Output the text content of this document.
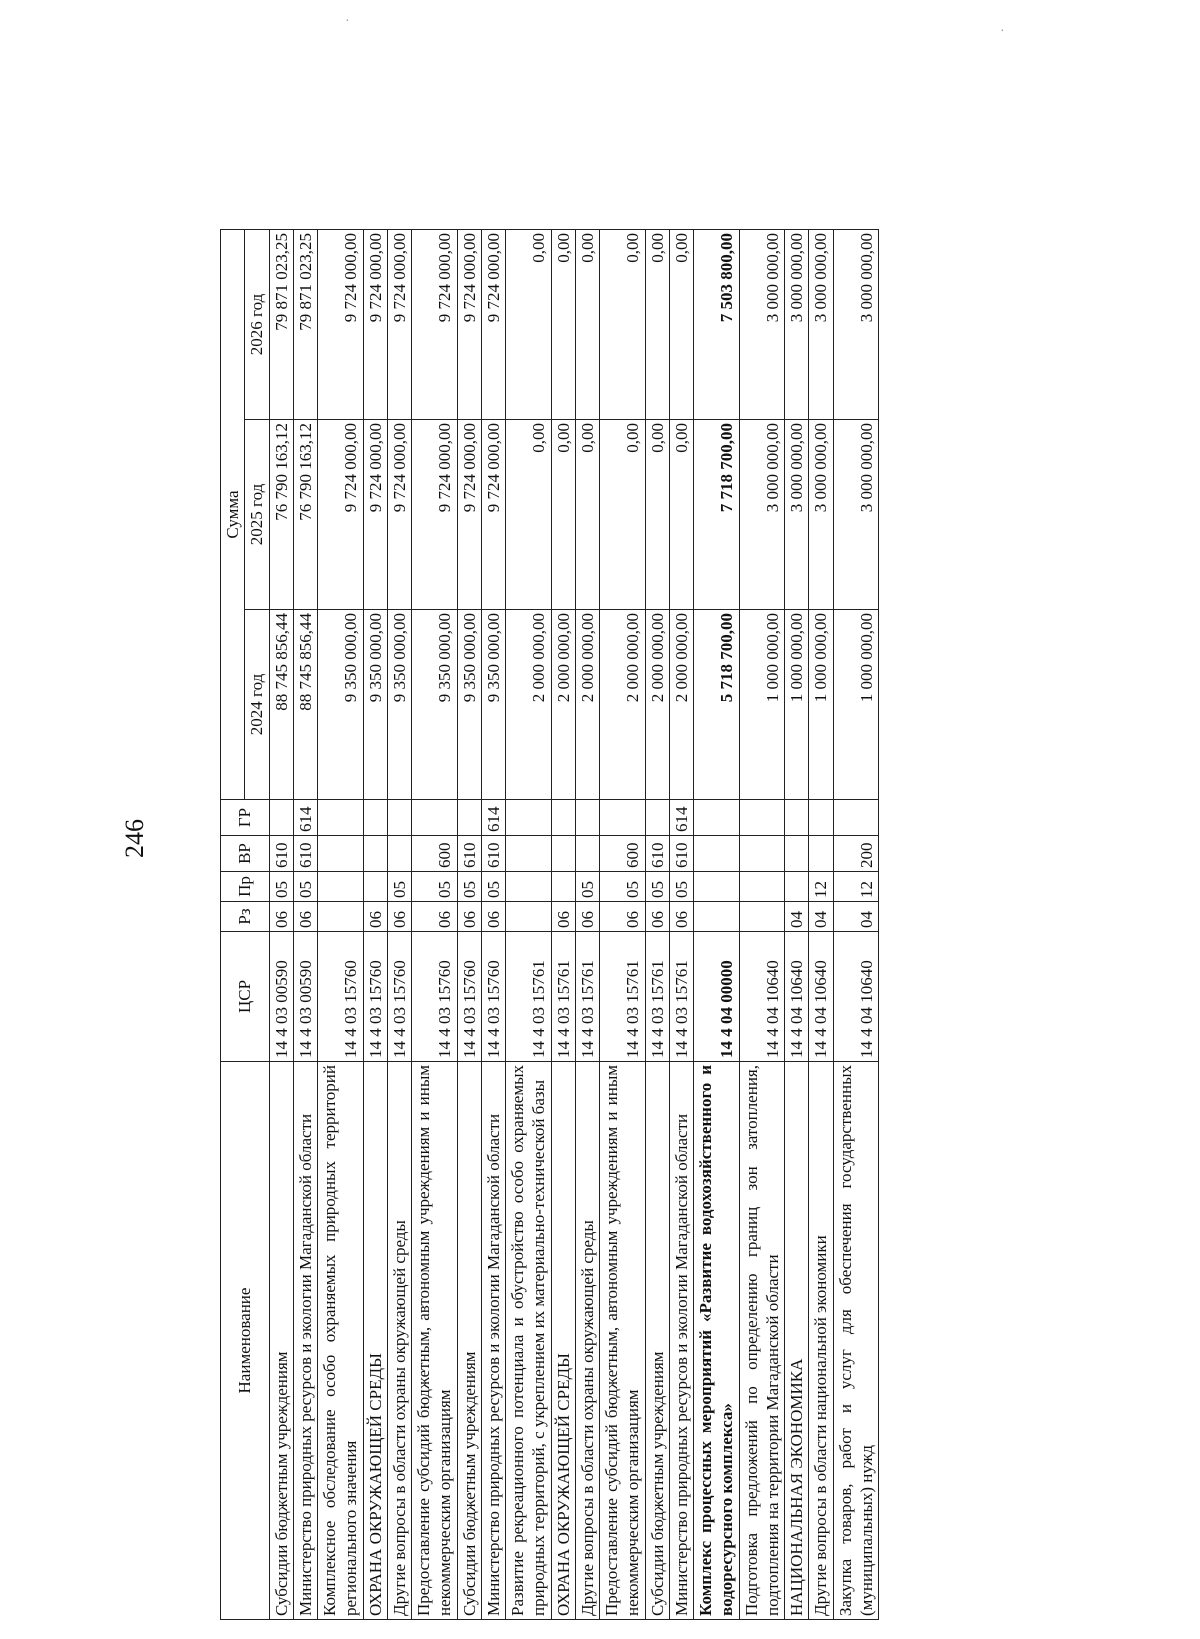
246
·
·
Наименование	ЦСР	Рз	Пр	ВР	ГР	Сумма		
						2024 год	2025 год	2026 год
Субсидии бюджетным учреждениям	14 4 03 00590	06	05	610		88 745 856,44	76 790 163,12	79 871 023,25
Министерство природных ресурсов и экологии Магаданской области	14 4 03 00590	06	05	610	614	88 745 856,44	76 790 163,12	79 871 023,25
Комплексное обследование особо охраняемых природных территорий регионального значения	14 4 03 15760					9 350 000,00	9 724 000,00	9 724 000,00
ОХРАНА ОКРУЖАЮЩЕЙ СРЕДЫ	14 4 03 15760	06				9 350 000,00	9 724 000,00	9 724 000,00
Другие вопросы в области охраны окружающей среды	14 4 03 15760	06	05			9 350 000,00	9 724 000,00	9 724 000,00
Предоставление субсидий бюджетным, автономным учреждениям и иным некоммерческим организациям	14 4 03 15760	06	05	600		9 350 000,00	9 724 000,00	9 724 000,00
Субсидии бюджетным учреждениям	14 4 03 15760	06	05	610		9 350 000,00	9 724 000,00	9 724 000,00
Министерство природных ресурсов и экологии Магаданской области	14 4 03 15760	06	05	610	614	9 350 000,00	9 724 000,00	9 724 000,00
Развитие рекреационного потенциала и обустройство особо охраняемых природных территорий, с укреплением их материально-технической базы	14 4 03 15761					2 000 000,00	0,00	0,00
ОХРАНА ОКРУЖАЮЩЕЙ СРЕДЫ	14 4 03 15761	06				2 000 000,00	0,00	0,00
Другие вопросы в области охраны окружающей среды	14 4 03 15761	06	05			2 000 000,00	0,00	0,00
Предоставление субсидий бюджетным, автономным учреждениям и иным некоммерческим организациям	14 4 03 15761	06	05	600		2 000 000,00	0,00	0,00
Субсидии бюджетным учреждениям	14 4 03 15761	06	05	610		2 000 000,00	0,00	0,00
Министерство природных ресурсов и экологии Магаданской области	14 4 03 15761	06	05	610	614	2 000 000,00	0,00	0,00
Комплекс процессных мероприятий «Развитие водохозяйственного и водоресурсного комплекса»	14 4 04 00000					5 718 700,00	7 718 700,00	7 503 800,00
Подготовка предложений по определению границ зон затопления, подтопления на территории Магаданской области	14 4 04 10640					1 000 000,00	3 000 000,00	3 000 000,00
НАЦИОНАЛЬНАЯ ЭКОНОМИКА	14 4 04 10640	04				1 000 000,00	3 000 000,00	3 000 000,00
Другие вопросы в области национальной экономики	14 4 04 10640	04	12			1 000 000,00	3 000 000,00	3 000 000,00
Закупка товаров, работ и услуг для обеспечения государственных (муниципальных) нужд	14 4 04 10640	04	12	200		1 000 000,00	3 000 000,00	3 000 000,00
